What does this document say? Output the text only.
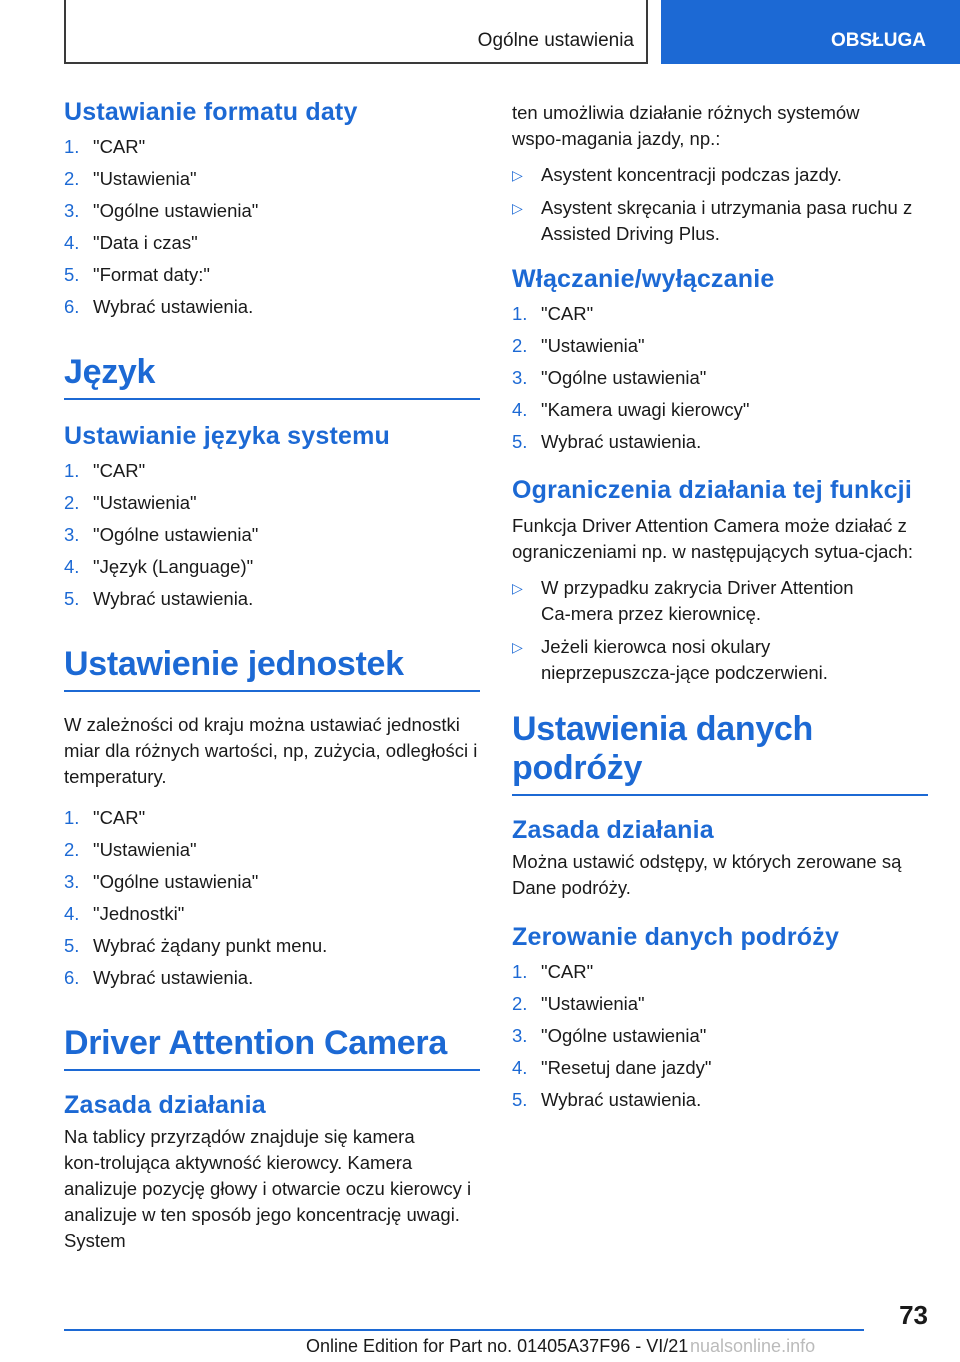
Ogólne ustawienia	OBSŁUGA
Ustawianie formatu daty
1. "CAR"
2. "Ustawienia"
3. "Ogólne ustawienia"
4. "Data i czas"
5. "Format daty:"
6. Wybrać ustawienia.
Język
Ustawianie języka systemu
1. "CAR"
2. "Ustawienia"
3. "Ogólne ustawienia"
4. "Język (Language)"
5. Wybrać ustawienia.
Ustawienie jednostek

W zależności od kraju można ustawiać jednostki miar dla różnych wartości, np, zużycia, odległości i temperatury.

1. "CAR"
2. "Ustawienia"
3. "Ogólne ustawienia"
4. "Jednostki"
5. Wybrać żądany punkt menu.
6. Wybrać ustawienia.
Driver Attention Camera
Zasada działania

Na tablicy przyrządów znajduje się kamera kon‑trolująca aktywność kierowcy. Kamera analizuje pozycję głowy i otwarcie oczu kierowcy i analizuje w ten sposób jego koncentrację uwagi. System

ten umożliwia działanie różnych systemów wspo‑magania jazdy, np.:

▷ Asystent koncentracji podczas jazdy.
▷ Asystent skręcania i utrzymania pasa ruchu z Assisted Driving Plus.
Włączanie/wyłączanie
1. "CAR"
2. "Ustawienia"
3. "Ogólne ustawienia"
4. "Kamera uwagi kierowcy"
5. Wybrać ustawienia.
Ograniczenia działania tej funkcji

Funkcja Driver Attention Camera może działać z ograniczeniami np. w następujących sytua‑cjach:

▷ W przypadku zakrycia Driver Attention Ca‑mera przez kierownicę.
▷ Jeżeli kierowca nosi okulary nieprzepuszcza‑jące podczerwieni.
Ustawienia danych podróży
Zasada działania

Można ustawić odstępy, w których zerowane są Dane podróży.

Zerowanie danych podróży
1. "CAR"
2. "Ustawienia"
3. "Ogólne ustawienia"
4. "Resetuj dane jazdy"
5. Wybrać ustawienia.
73
Online Edition for Part no. 01405A37F96 - VI/21 nualsonline.info
